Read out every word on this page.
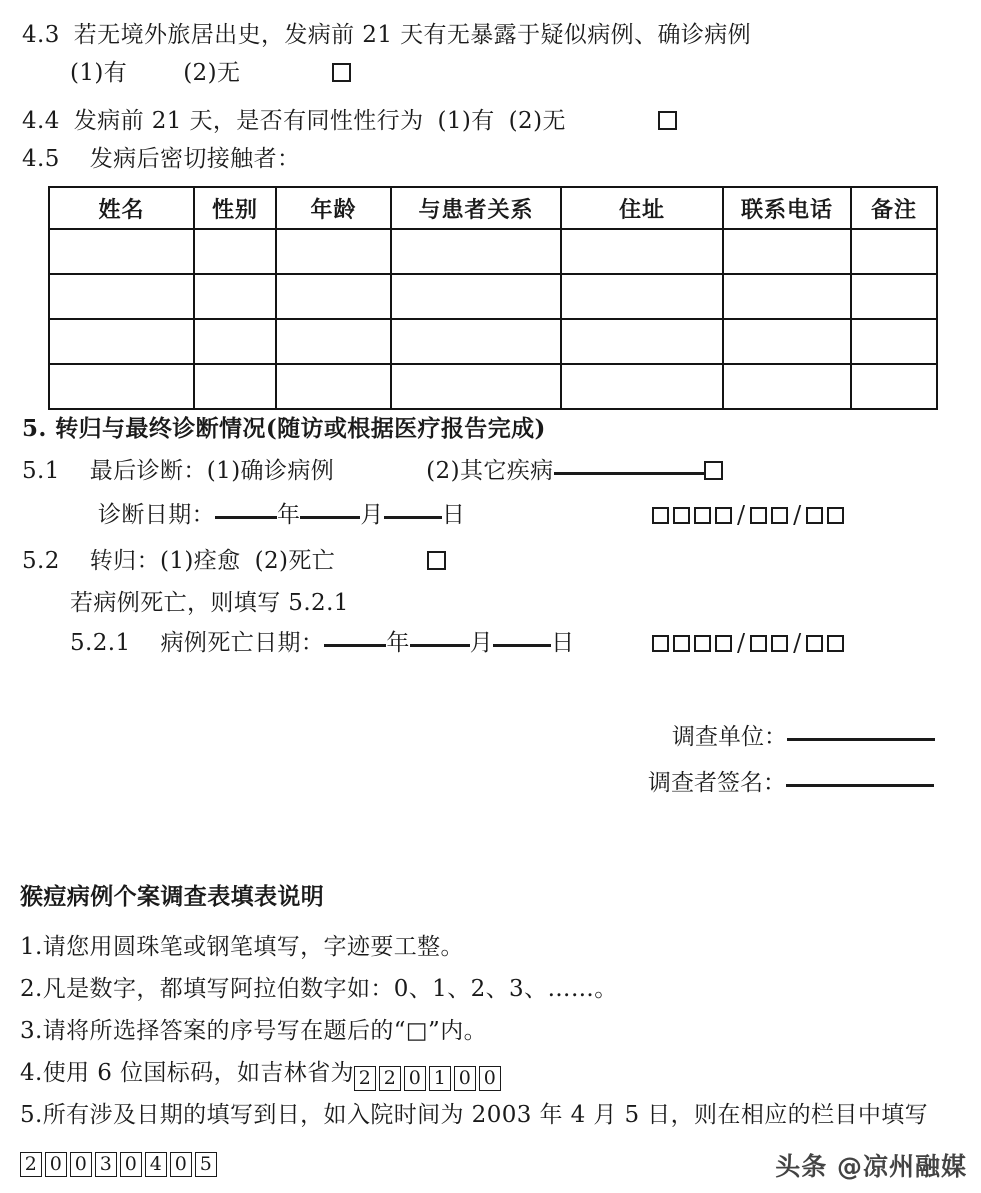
4.3 若无境外旅居出史，发病前 21 天有无暴露于疑似病例、确诊病例
(1)有 (2)无
4.4 发病前 21 天，是否有同性性行为 (1)有 (2)无
4.5 发病后密切接触者：
姓名	性别	年龄	与患者关系	住址	联系电话	备注

5. 转归与最终诊断情况(随访或根据医疗报告完成)
5.1 最后诊断：(1)确诊病例	(2)其它疾病
诊断日期：	年	月	日	/ /
5.2 转归：(1)痊愈 (2)死亡
若病例死亡，则填写 5.2.1
5.2.1 病例死亡日期：	年	月	日	/ /
调查单位：
调查者签名：
猴痘病例个案调查表填表说明
1.请您用圆珠笔或钢笔填写，字迹要工整。
2.凡是数字，都填写阿拉伯数字如：0、1、2、3、……。
3.请将所选择答案的序号写在题后的“□”内。
4.使用 6 位国标码，如吉林省为 2 2 0 1 0 0
5.所有涉及日期的填写到日，如入院时间为 2003 年 4 月 5 日，则在相应的栏目中填写
2 0 0 3 0 4 0 5	头条 @凉州融媒
